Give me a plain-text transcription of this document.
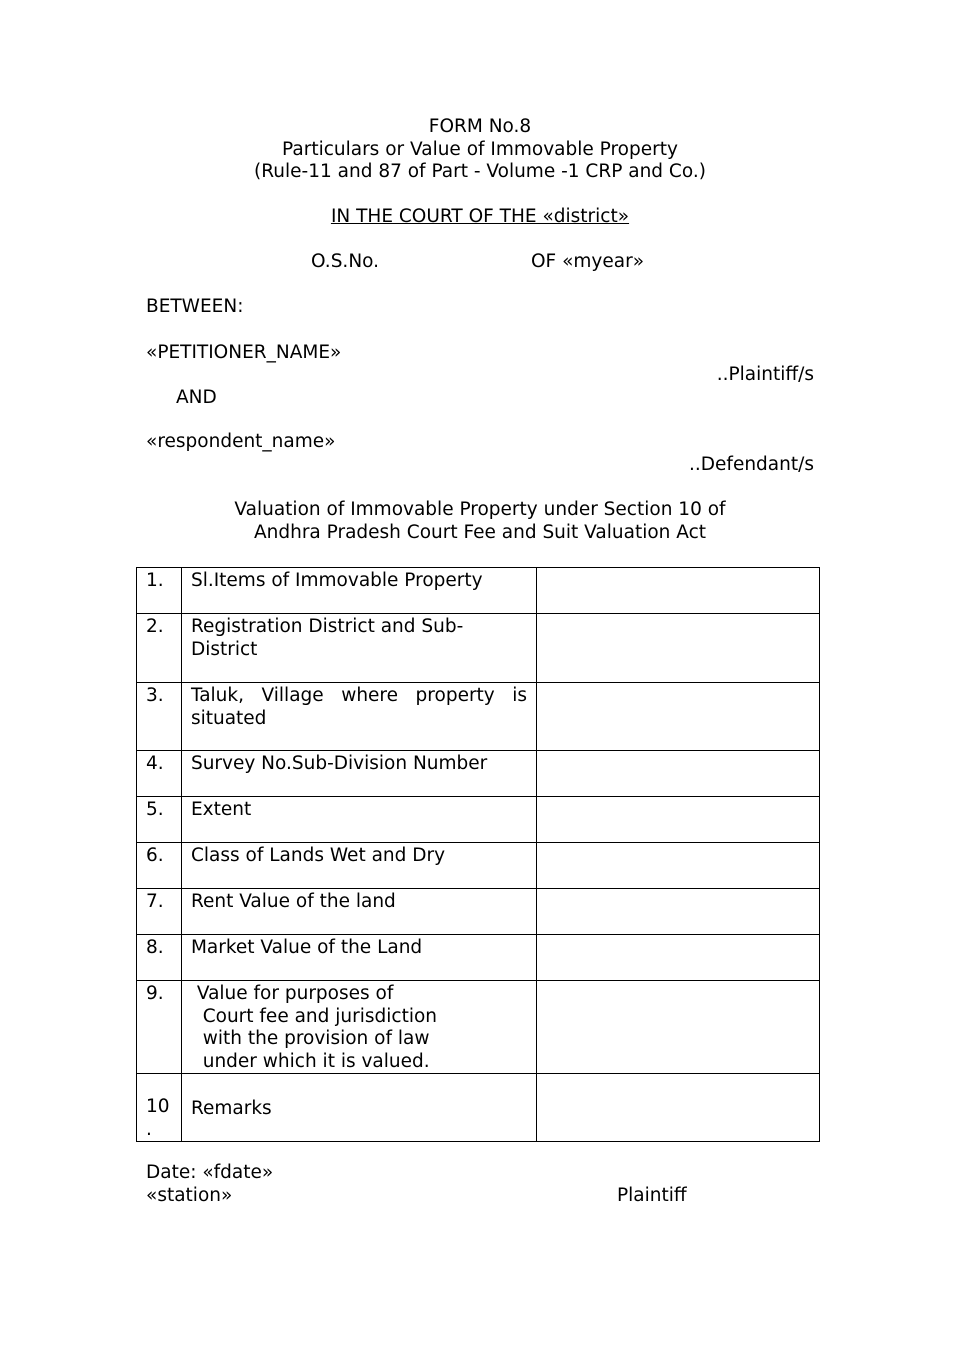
FORM No.8
Particulars or Value of Immovable Property
(Rule-11 and 87 of Part - Volume -1 CRP and Co.)
IN THE COURT OF THE «district»
O.S.No.	OF «myear»
BETWEEN:
«PETITIONER_NAME»
..Plaintiff/s
AND
«respondent_name»
..Defendant/s
Valuation of Immovable Property under Section 10 of
Andhra Pradesh Court Fee and Suit Valuation Act
1.	Sl.Items of Immovable Property	

2.	Registration District and Sub-
District	

3.	Taluk, Village where property is situated	

4.	Survey No.Sub-Division Number	

5.	Extent	

6.	Class of Lands Wet and Dry	

7.	Rent Value of the land	

8.	Market Value of the Land	

9.	Value for purposes of
Court fee and jurisdiction
with the provision of law
under which it is valued.	

10
.	Remarks	

Date: «fdate»
«station»	Plaintiff
